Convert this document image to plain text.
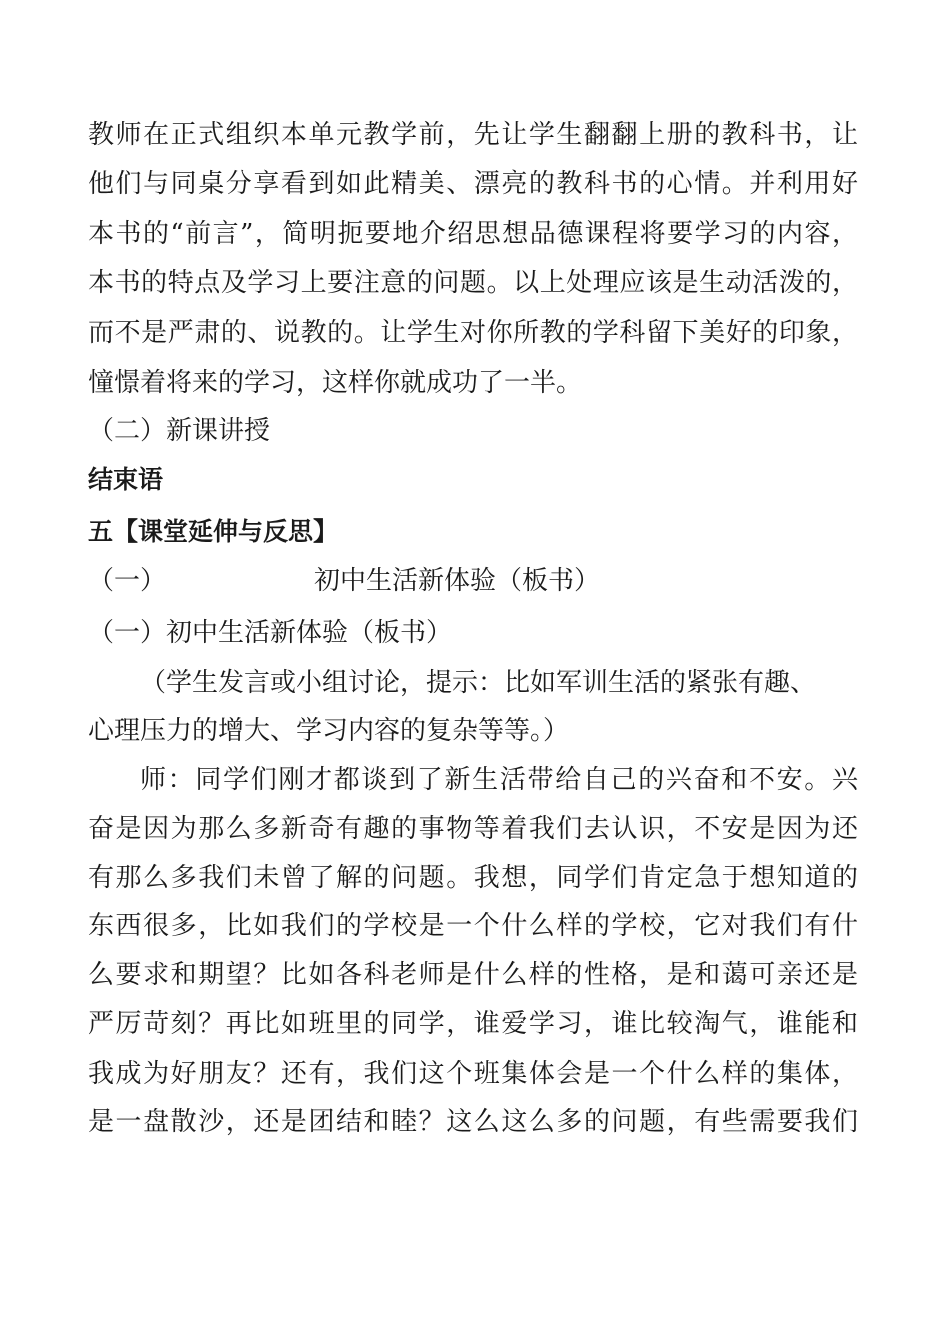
教师在正式组织本单元教学前，先让学生翻翻上册的教科书，让
他们与同桌分享看到如此精美、漂亮的教科书的心情。并利用好
本书的“前言”，简明扼要地介绍思想品德课程将要学习的内容，
本书的特点及学习上要注意的问题。以上处理应该是生动活泼的，
而不是严肃的、说教的。让学生对你所教的学科留下美好的印象，
憧憬着将来的学习，这样你就成功了一半。
（二）新课讲授
结束语
五【课堂延伸与反思】
（一）	初中生活新体验（板书）
（一）初中生活新体验（板书）
（学生发言或小组讨论，提示：比如军训生活的紧张有趣、
心理压力的增大、学习内容的复杂等等。）
师：同学们刚才都谈到了新生活带给自己的兴奋和不安。兴
奋是因为那么多新奇有趣的事物等着我们去认识，不安是因为还
有那么多我们未曾了解的问题。我想，同学们肯定急于想知道的
东西很多，比如我们的学校是一个什么样的学校，它对我们有什
么要求和期望？比如各科老师是什么样的性格，是和蔼可亲还是
严厉苛刻？再比如班里的同学，谁爱学习，谁比较淘气，谁能和
我成为好朋友？还有，我们这个班集体会是一个什么样的集体，
是一盘散沙，还是团结和睦？这么这么多的问题，有些需要我们
